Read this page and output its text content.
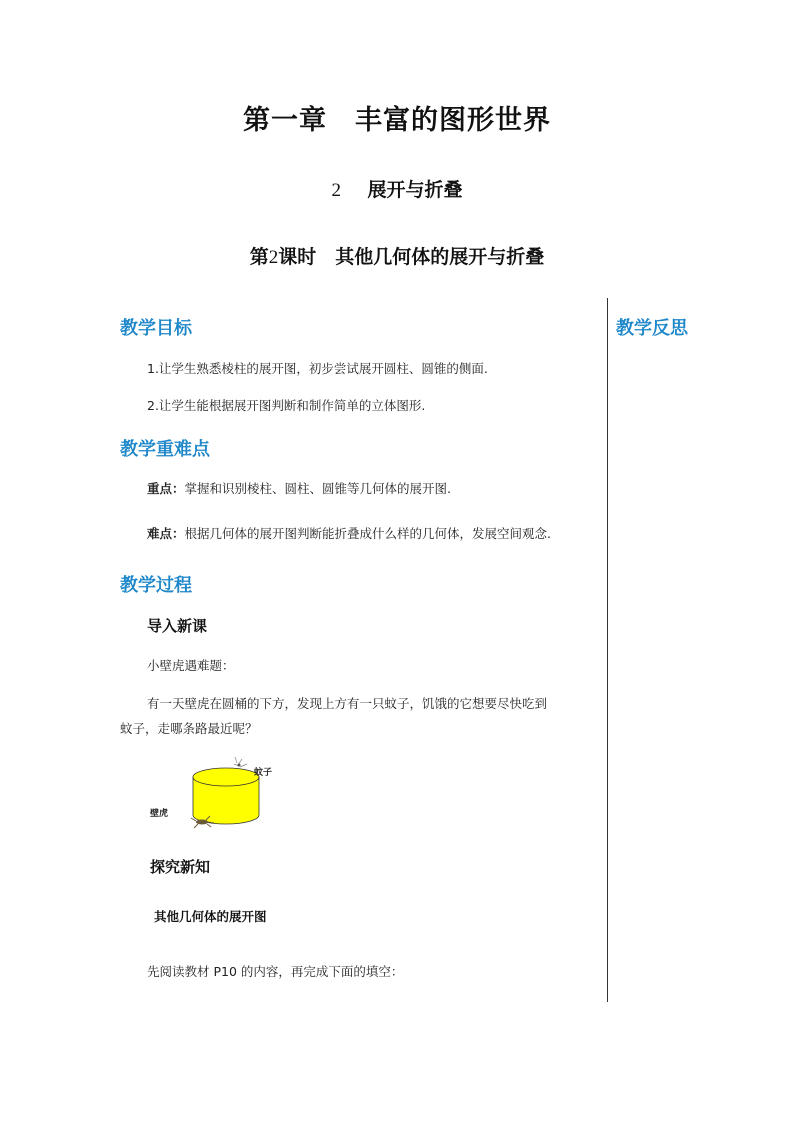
第一章　丰富的图形世界
2 展开与折叠
第2课时　其他几何体的展开与折叠
教学反思
教学目标
1.让学生熟悉棱柱的展开图，初步尝试展开圆柱、圆锥的侧面.
2.让学生能根据展开图判断和制作简单的立体图形.
教学重难点
重点：掌握和识别棱柱、圆柱、圆锥等几何体的展开图.
难点：根据几何体的展开图判断能折叠成什么样的几何体，发展空间观念.
教学过程
导入新课
小壁虎遇难题：
有一天壁虎在圆桶的下方，发现上方有一只蚊子，饥饿的它想要尽快吃到
蚊子，走哪条路最近呢？
蚊子
壁虎
探究新知
其他几何体的展开图
先阅读教材 P10 的内容，再完成下面的填空：
